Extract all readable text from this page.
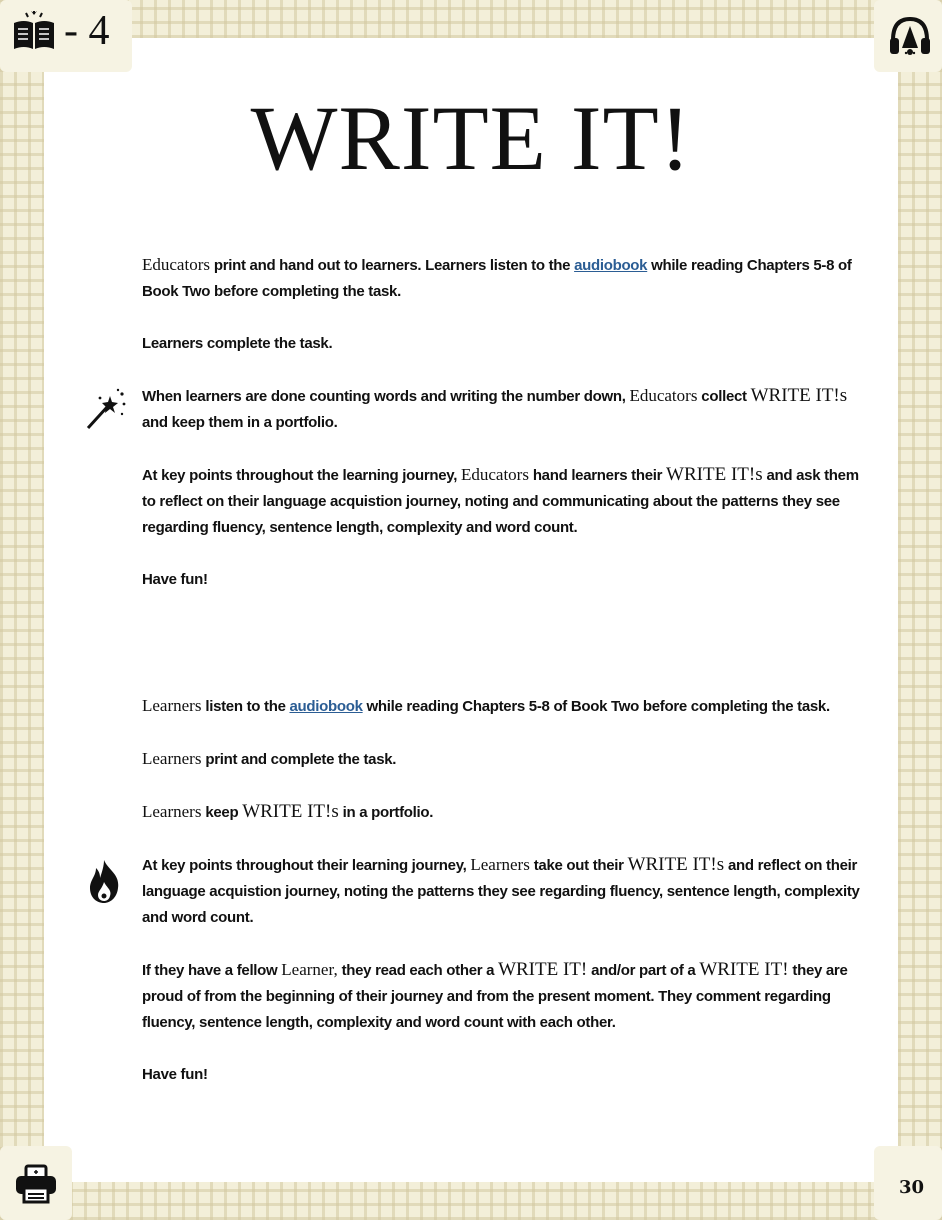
- 4
30
WRITE IT!

Educators print and hand out to learners. Learners listen to the audiobook while reading Chapters 5-8 of Book Two before completing the task.

Learners complete the task.

When learners are done counting words and writing the number down, Educators collect WRITE IT!s and keep them in a portfolio.

At key points throughout the learning journey, Educators hand learners their WRITE IT!s and ask them to reflect on their language acquistion journey, noting and communicating about the patterns they see regarding fluency, sentence length, complexity and word count.

Have fun!

Learners listen to the audiobook while reading Chapters 5-8 of Book Two before completing the task.

Learners print and complete the task.

Learners keep WRITE IT!s in a portfolio.

At key points throughout their learning journey, Learners take out their WRITE IT!s and reflect on their language acquistion journey, noting the patterns they see regarding fluency, sentence length, complexity and word count.

If they have a fellow Learner, they read each other a WRITE IT! and/or part of a WRITE IT! they are proud of from the beginning of their journey and from the present moment. They comment regarding fluency, sentence length, complexity and word count with each other.

Have fun!
